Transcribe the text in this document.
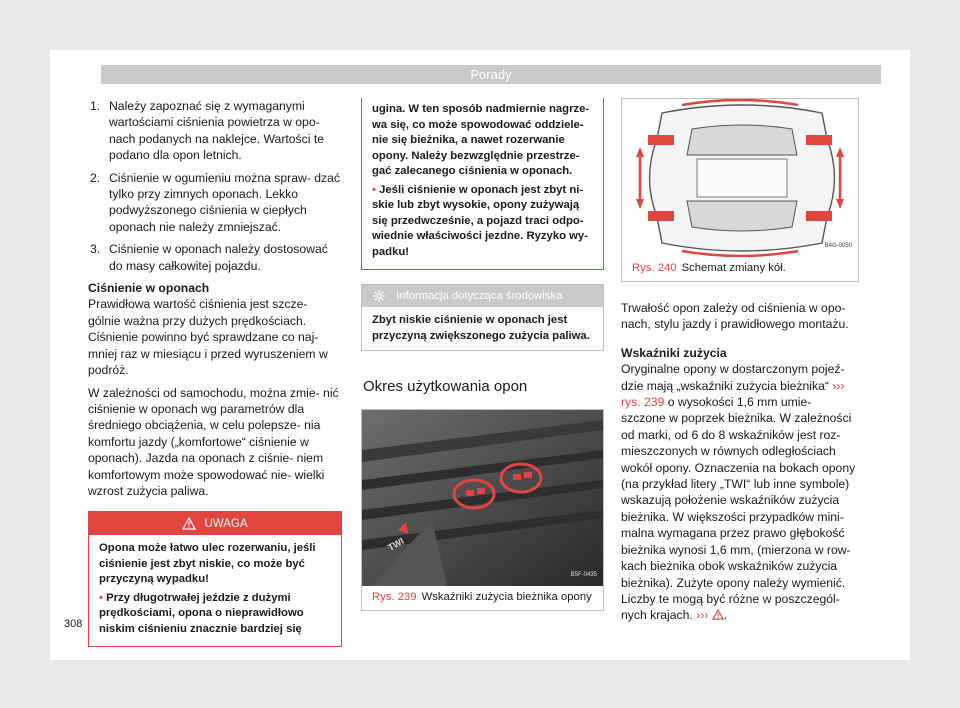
Porady
1. Należy zapoznać się z wymaganymi wartościami ciśnienia powietrza w opo- nach podanych na naklejce. Wartości te podano dla opon letnich.
2. Ciśnienie w ogumieniu można spraw- dzać tylko przy zimnych oponach. Lekko podwyższonego ciśnienia w ciepłych oponach nie należy zmniejszać.
3. Ciśnienie w oponach należy dostosować do masy całkowitej pojazdu.
Ciśnienie w oponach

Prawidłowa wartość ciśnienia jest szcze- gólnie ważna przy dużych prędkościach. Ciśnienie powinno być sprawdzane co naj- mniej raz w miesiącu i przed wyruszeniem w podróż.

W zależności od samochodu, można zmie- nić ciśnienie w oponach wg parametrów dla średniego obciążenia, w celu polepsze- nia komfortu jazdy („komfortowe“ ciśnienie w oponach). Jazda na oponach z ciśnie- niem komfortowym może spowodować nie- wielki wzrost zużycia paliwa.

UWAGA

Opona może łatwo ulec rozerwaniu, jeśli ciśnienie jest zbyt niskie, co może być przyczyną wypadku!

• Przy długotrwałej jeździe z dużymi prędkościami, opona o nieprawidłowo niskim ciśnieniu znacznie bardziej się

ugina. W ten sposób nadmiernie nagrze- wa się, co może spowodować oddziele- nie się bieżnika, a nawet rozerwanie opony. Należy bezwzględnie przestrze- gać zalecanego ciśnienia w oponach.

• Jeśli ciśnienie w oponach jest zbyt ni- skie lub zbyt wysokie, opony zużywają się przedwcześnie, a pojazd traci odpo- wiednie właściwości jezdne. Ryzyko wy- padku!

Informacja dotycząca środowiska
Zbyt niskie ciśnienie w oponach jest przyczyną zwiększonego zużycia paliwa.
Okres użytkowania opon
TWI
B5F-0435
Rys. 239 Wskaźniki zużycia bieżnika opony
B4G-0050
Rys. 240 Schemat zmiany kół.

Trwałość opon zależy od ciśnienia w opo- nach, stylu jazdy i prawidłowego montażu.

Wskaźniki zużycia

Oryginalne opony w dostarczonym pojeź- dzie mają „wskaźniki zużycia bieżnika“ ››› rys. 239 o wysokości 1,6 mm umie- szczone w poprzek bieżnika. W zależności od marki, od 6 do 8 wskaźników jest roz- mieszczonych w równych odległościach wokół opony. Oznaczenia na bokach opony (na przykład litery „TWI“ lub inne symbole) wskazują położenie wskaźników zużycia bieżnika. W większości przypadków mini- malna wymagana przez prawo głębokość bieżnika wynosi 1,6 mm, (mierzona w row- kach bieżnika obok wskaźników zużycia bieżnika). Zużyte opony należy wymienić. Liczby te mogą być różne w poszczegól- nych krajach. ››› .

308
